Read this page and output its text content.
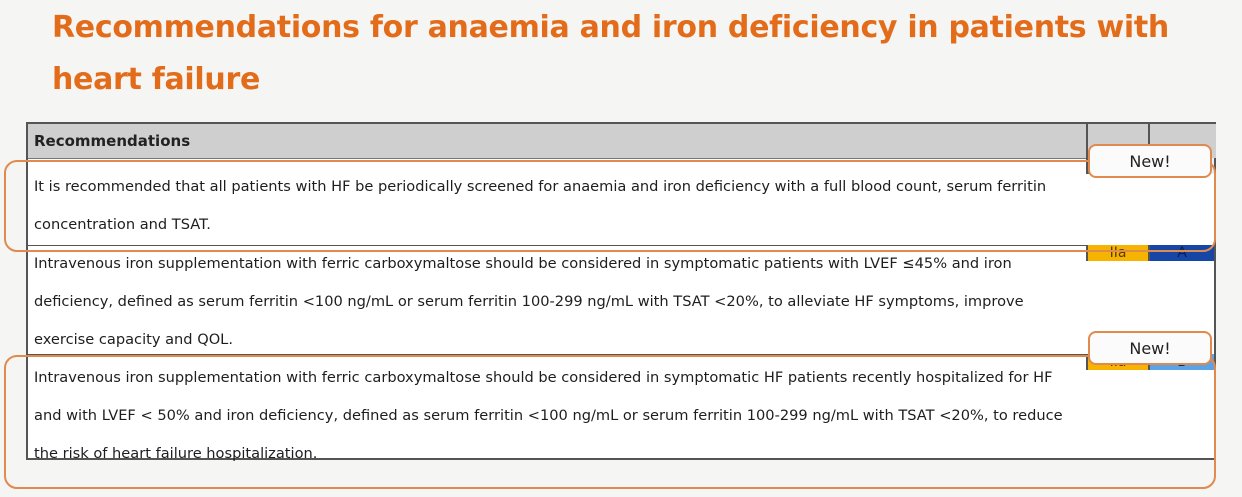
Recommendations for anaemia and iron deficiency in patients with heart failure
Recommendations
It is recommended that all patients with HF be periodically screened for anaemia and iron deficiency with a full blood count, serum ferritin concentration and TSAT.
Intravenous iron supplementation with ferric carboxymaltose should be considered in symptomatic patients with LVEF ≤45% and iron deficiency, defined as serum ferritin <100 ng/mL or serum ferritin 100-299 ng/mL with TSAT <20%, to alleviate HF symptoms, improve exercise capacity and QOL.
IIa	A
Intravenous iron supplementation with ferric carboxymaltose should be considered in symptomatic HF patients recently hospitalized for HF and with LVEF < 50% and iron deficiency, defined as serum ferritin <100 ng/mL or serum ferritin 100-299 ng/mL with TSAT <20%, to reduce the risk of heart failure hospitalization.
New!
New!
